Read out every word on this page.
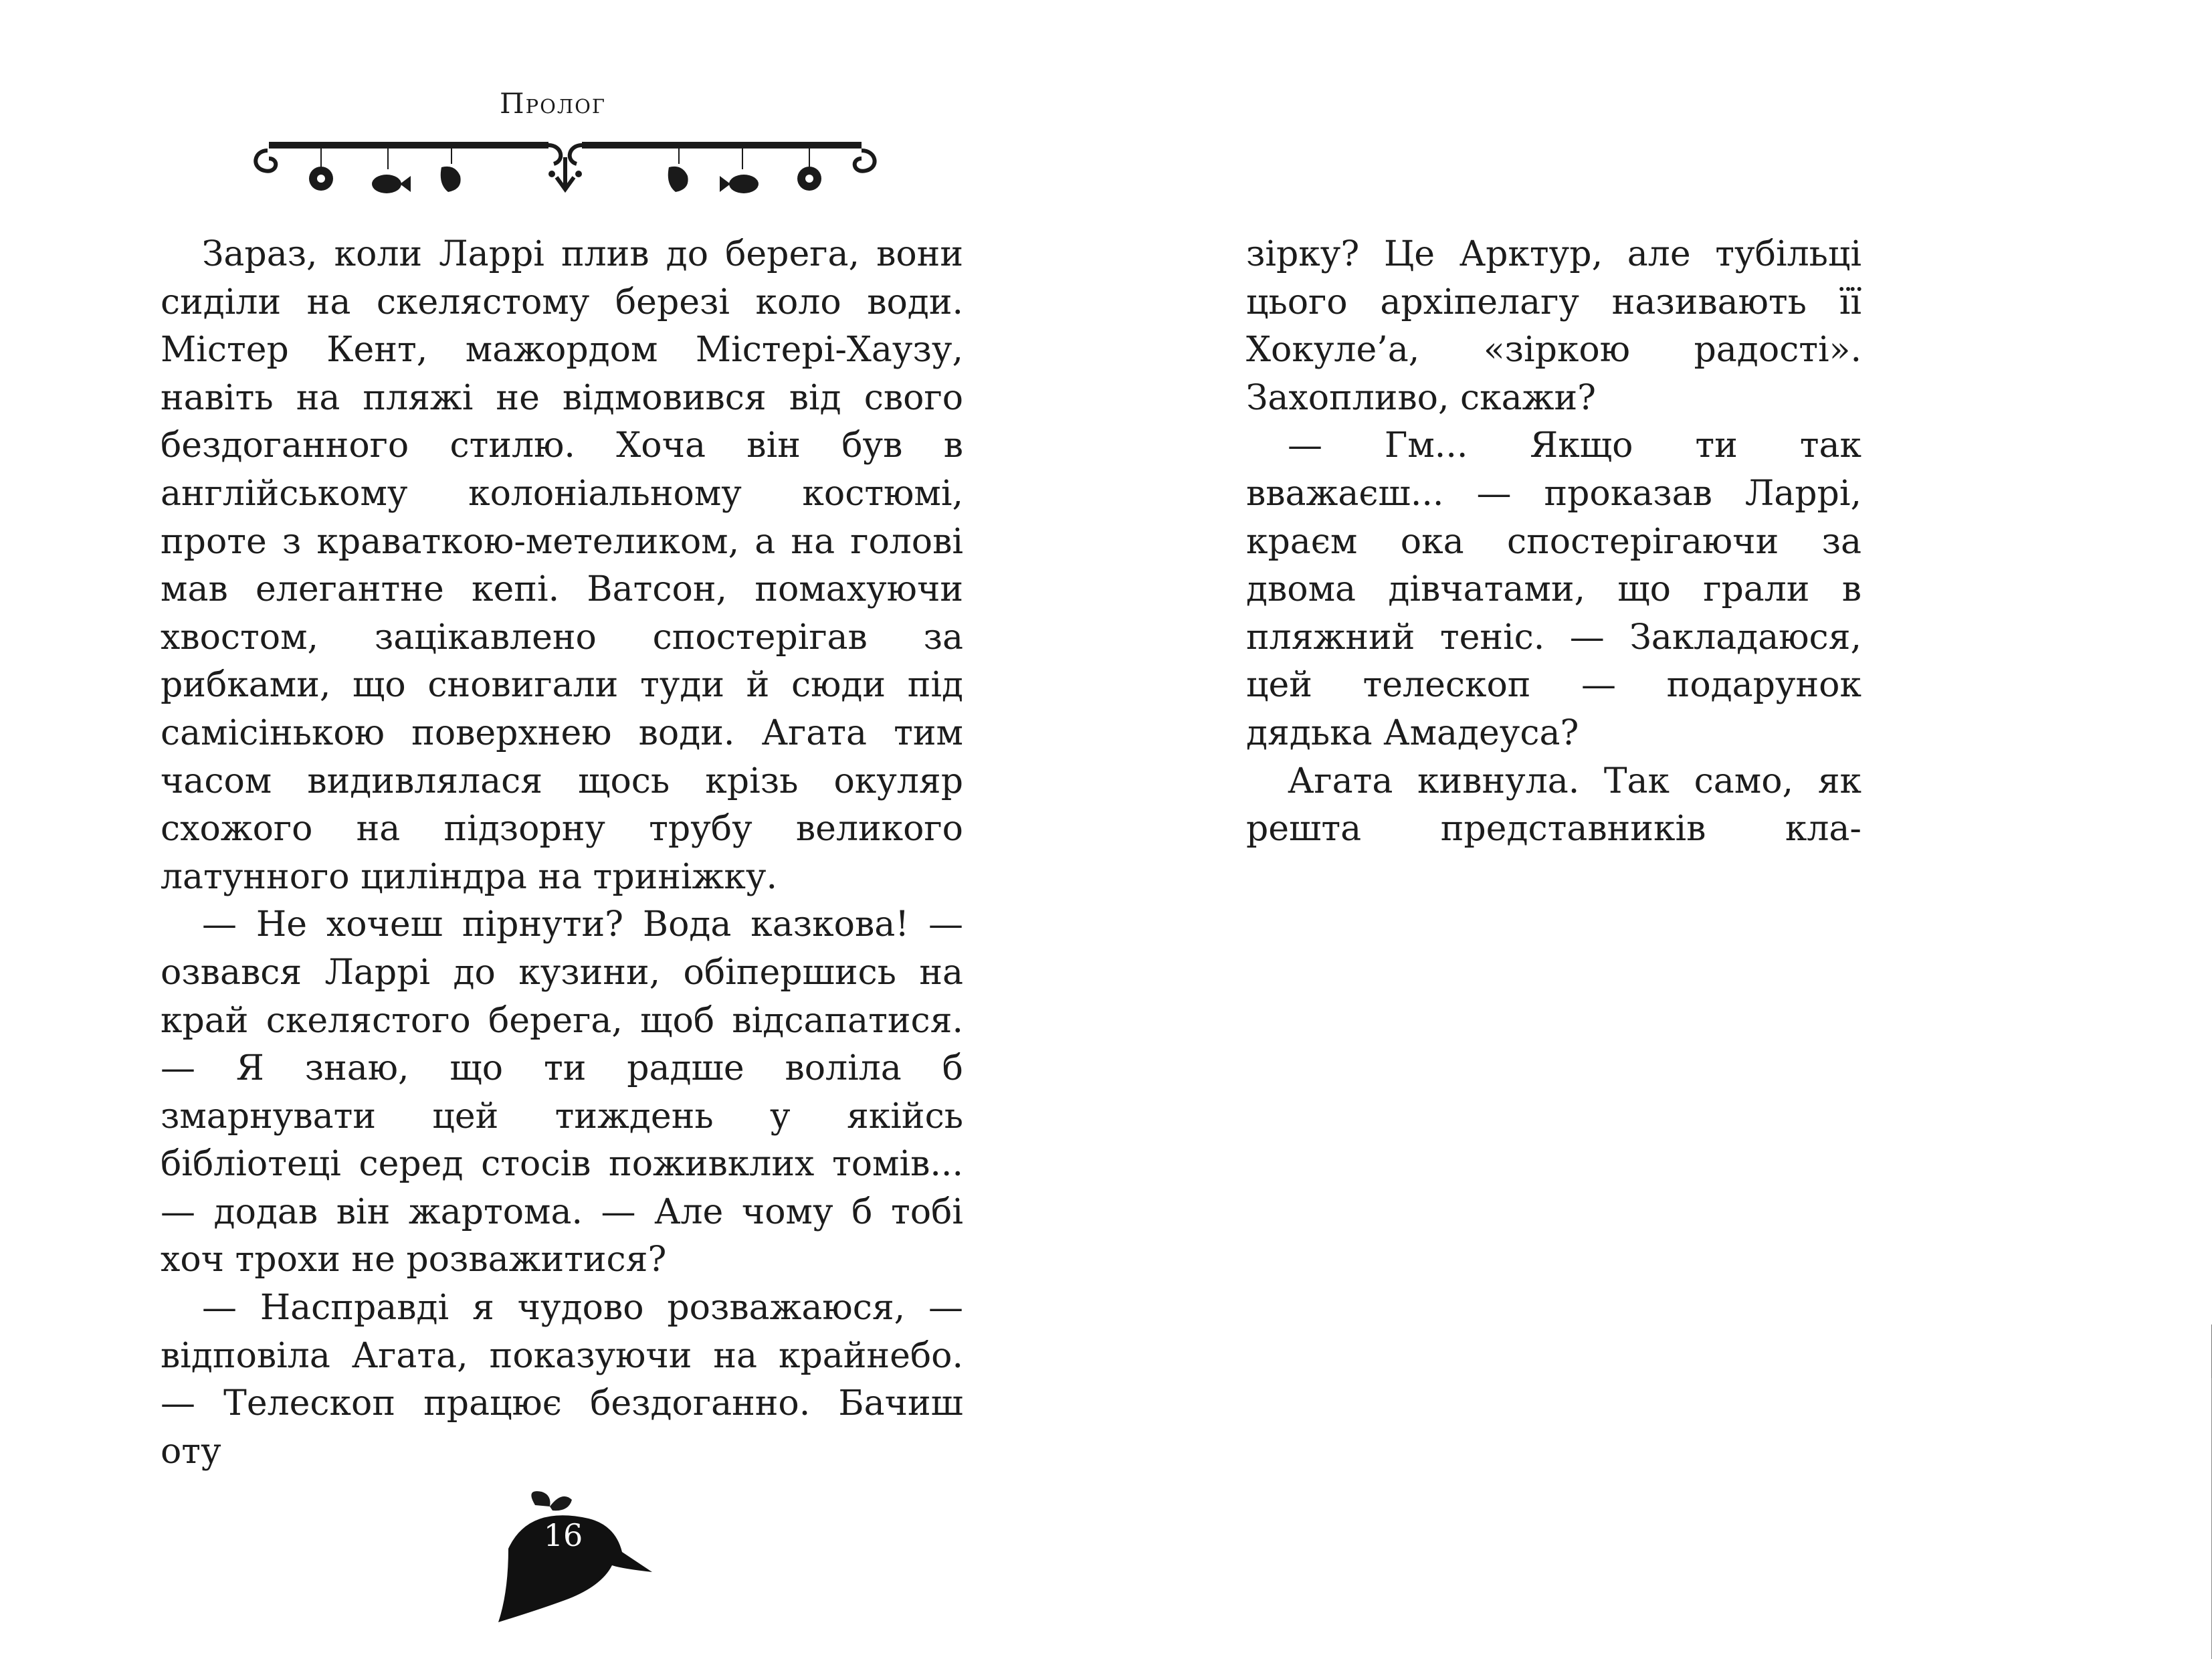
Пролог

Зараз, коли Ларрі плив до берега, вони сиділи на скелястому березі коло води. Містер Кент, мажордом Містері-Хаузу, навіть на пляжі не відмовився від свого бездоганного стилю. Хоча він був в англійському колоніальному костюмі, проте з краваткою-метеликом, а на голові мав елегантне кепі. Ватсон, помахуючи хвостом, зацікавлено спостерігав за рибками, що сновигали туди й сюди під самісінькою поверхнею води. Агата тим часом видивлялася щось крізь окуляр схожого на підзорну трубу великого латунного циліндра на триніжку.

— Не хочеш пірнути? Вода казкова! — озвався Ларрі до кузини, обіпершись на край скелястого берега, щоб відсапатися. — Я знаю, що ти радше воліла б змарнувати цей тиждень у якійсь бібліотеці серед стосів поживклих томів... — додав він жартома. — Але чому б тобі хоч трохи не розважитися?

— Насправді я чудово розважаюся, — відповіла Агата, показуючи на крайнебо. — Телескоп працює бездоганно. Бачиш оту

16

зірку? Це Арктур, але тубільці цього архіпелагу називають її Хокуле’а, «зіркою радості». Захопливо, скажи?

— Гм... Якщо ти так вважаєш... — проказав Ларрі, краєм ока спостерігаючи за двома дівчатами, що грали в пляжний теніс. — Закладаюся, цей телескоп — подарунок дядька Амадеуса?

Агата кивнула. Так само, як решта представників кла-
